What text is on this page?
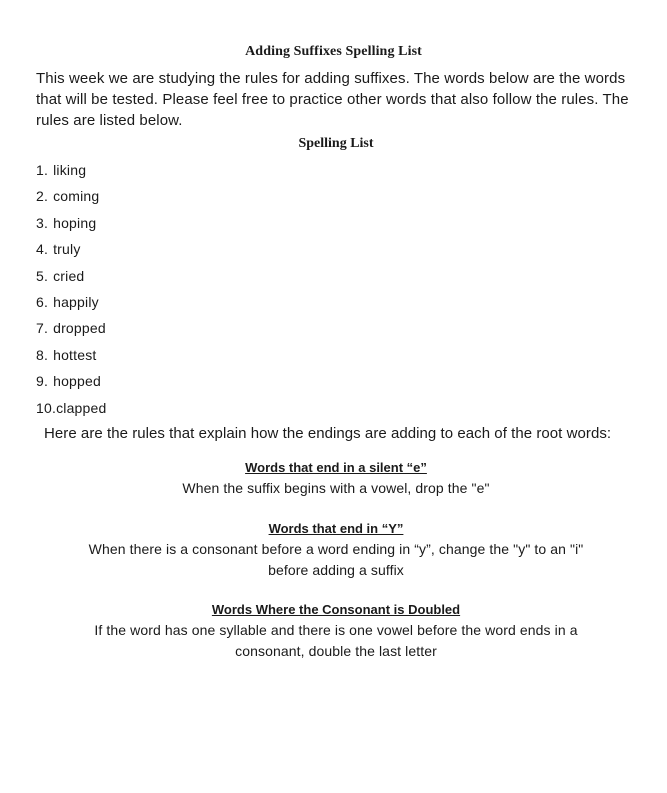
Adding Suffixes Spelling List
This week we are studying the rules for adding suffixes. The words below are the words that will be tested. Please feel free to practice other words that also follow the rules. The rules are listed below.
Spelling List
1. liking
2. coming
3. hoping
4. truly
5. cried
6. happily
7. dropped
8. hottest
9. hopped
10.clapped
Here are the rules that explain how the endings are adding to each of the root words:
Words that end in a silent “e”
When the suffix begins with a vowel, drop the "e"
Words that end in “Y”
When there is a consonant before a word ending in “y”, change the "y" to an "i" before adding a suffix
Words Where the Consonant is Doubled
If the word has one syllable and there is one vowel before the word ends in a consonant, double the last letter
